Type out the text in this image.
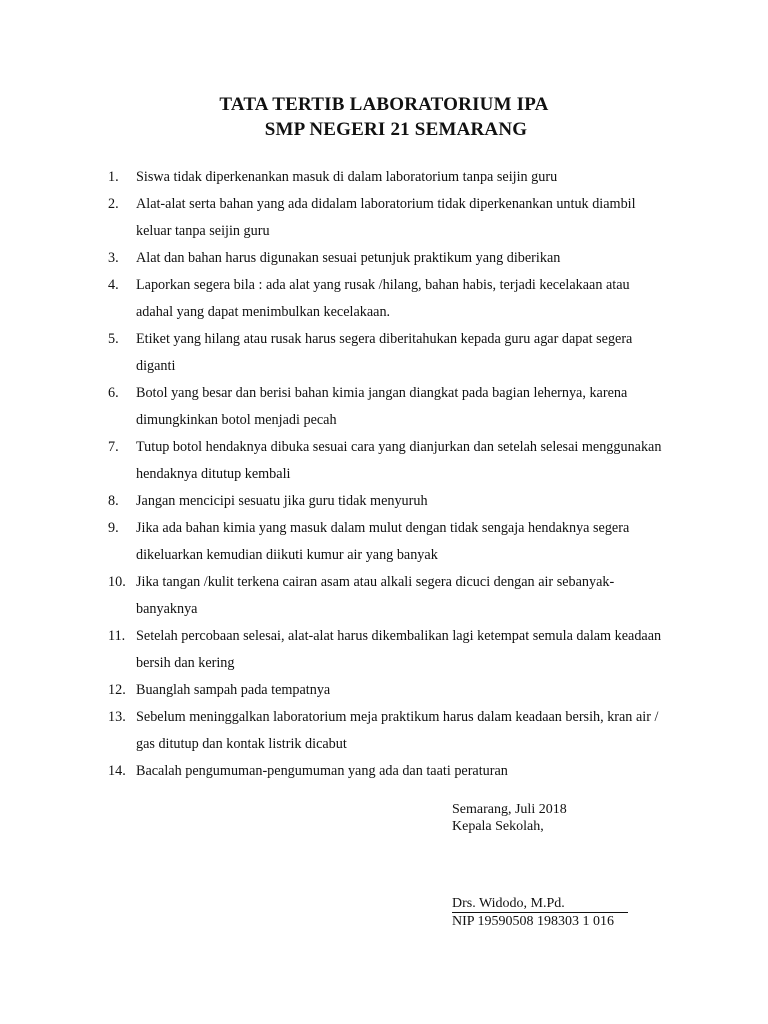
TATA TERTIB LABORATORIUM IPA
SMP NEGERI 21 SEMARANG
1.	Siswa tidak diperkenankan masuk di dalam laboratorium tanpa seijin guru
2.	Alat-alat serta bahan yang ada didalam laboratorium tidak diperkenankan untuk diambil keluar tanpa seijin guru
3.	Alat dan bahan harus digunakan sesuai petunjuk praktikum yang diberikan
4.	Laporkan segera bila : ada alat yang rusak /hilang, bahan habis, terjadi kecelakaan atau adahal yang dapat menimbulkan kecelakaan.
5.	Etiket yang hilang atau rusak harus segera diberitahukan kepada guru agar dapat segera diganti
6.	Botol yang besar dan berisi bahan kimia jangan diangkat pada bagian lehernya, karena dimungkinkan botol menjadi pecah
7.	Tutup botol hendaknya dibuka sesuai cara yang dianjurkan dan setelah selesai menggunakan hendaknya ditutup kembali
8.	Jangan mencicipi sesuatu jika guru tidak menyuruh
9.	Jika ada bahan kimia yang masuk dalam mulut dengan tidak sengaja hendaknya segera dikeluarkan kemudian diikuti kumur air yang banyak
10. Jika tangan /kulit terkena cairan asam atau alkali segera dicuci dengan air sebanyak-banyaknya
11. Setelah percobaan selesai, alat-alat harus dikembalikan lagi ketempat semula dalam keadaan bersih dan kering
12. Buanglah sampah pada tempatnya
13. Sebelum meninggalkan laboratorium meja praktikum harus dalam keadaan bersih, kran air / gas ditutup dan kontak listrik dicabut
14. Bacalah pengumuman-pengumuman yang ada dan taati peraturan
Semarang, Juli 2018
Kepala Sekolah,
Drs. Widodo, M.Pd.
NIP 19590508 198303 1 016
